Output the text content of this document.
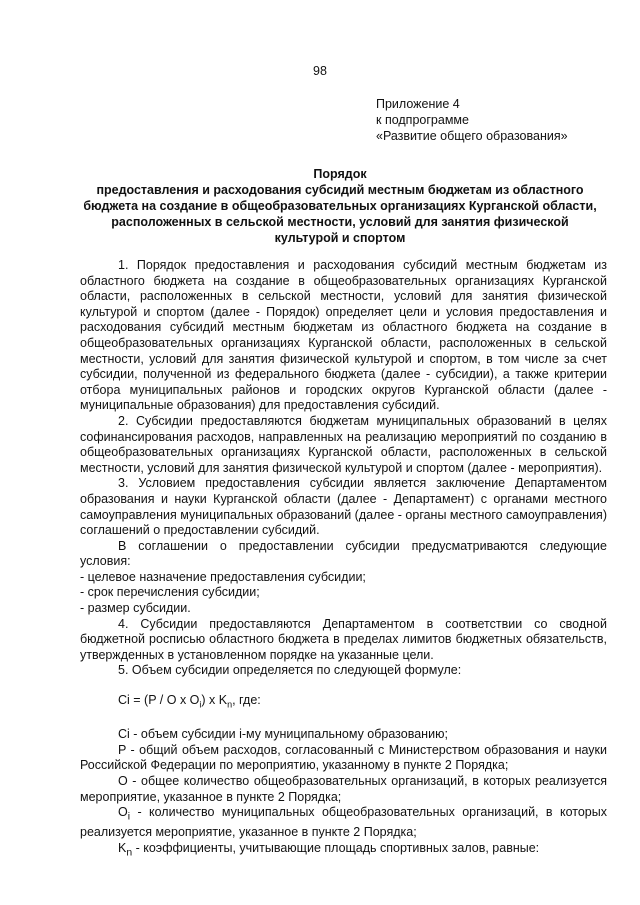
98
Приложение 4
к подпрограмме
«Развитие общего образования»
Порядок
предоставления и расходования субсидий местным бюджетам из областного бюджета на создание в общеобразовательных организациях Курганской области, расположенных в сельской местности, условий для занятия физической культурой и спортом

1. Порядок предоставления и расходования субсидий местным бюджетам из областного бюджета на создание в общеобразовательных организациях Курганской области, расположенных в сельской местности, условий для занятия физической культурой и спортом (далее - Порядок) определяет цели и условия предоставления и расходования субсидий местным бюджетам из областного бюджета на создание в общеобразовательных организациях Курганской области, расположенных в сельской местности, условий для занятия физической культурой и спортом, в том числе за счет субсидии, полученной из федерального бюджета (далее - субсидии), а также критерии отбора муниципальных районов и городских округов Курганской области (далее - муниципальные образования) для предоставления субсидий.

2. Субсидии предоставляются бюджетам муниципальных образований в целях софинансирования расходов, направленных на реализацию мероприятий по созданию в общеобразовательных организациях Курганской области, расположенных в сельской местности, условий для занятия физической культурой и спортом (далее - мероприятия).

3. Условием предоставления субсидии является заключение Департаментом образования и науки Курганской области (далее - Департамент) с органами местного самоуправления муниципальных образований (далее - органы местного самоуправления) соглашений о предоставлении субсидий.

В соглашении о предоставлении субсидии предусматриваются следующие условия:

- целевое назначение предоставления субсидии;

- срок перечисления субсидии;

- размер субсидии.

4. Субсидии предоставляются Департаментом в соответствии со сводной бюджетной росписью областного бюджета в пределах лимитов бюджетных обязательств, утвержденных в установленном порядке на указанные цели.

5. Объем субсидии определяется по следующей формуле:

Ci = (P / O x $O_i$) x $K_n$, где:

Ci - объем субсидии i-му муниципальному образованию;

P - общий объем расходов, согласованный с Министерством образования и науки Российской Федерации по мероприятию, указанному в пункте 2 Порядка;

O - общее количество общеобразовательных организаций, в которых реализуется мероприятие, указанное в пункте 2 Порядка;

$O_i$ - количество муниципальных общеобразовательных организаций, в которых реализуется мероприятие, указанное в пункте 2 Порядка;

$K_n$ - коэффициенты, учитывающие площадь спортивных залов, равные:
